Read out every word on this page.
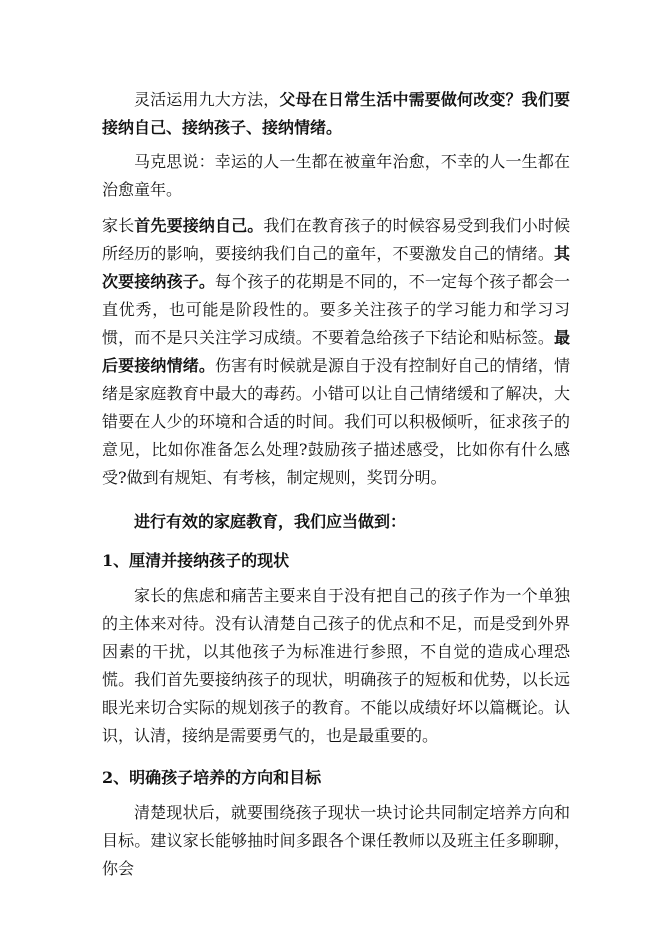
灵活运用九大方法，父母在日常生活中需要做何改变？我们要接纳自己、接纳孩子、接纳情绪。

马克思说：幸运的人一生都在被童年治愈，不幸的人一生都在治愈童年。

家长首先要接纳自己。我们在教育孩子的时候容易受到我们小时候所经历的影响，要接纳我们自己的童年，不要激发自己的情绪。其次要接纳孩子。每个孩子的花期是不同的，不一定每个孩子都会一直优秀，也可能是阶段性的。要多关注孩子的学习能力和学习习惯，而不是只关注学习成绩。不要着急给孩子下结论和贴标签。最后要接纳情绪。伤害有时候就是源自于没有控制好自己的情绪，情绪是家庭教育中最大的毒药。小错可以让自己情绪缓和了解决，大错要在人少的环境和合适的时间。我们可以积极倾听，征求孩子的意见，比如你准备怎么处理?鼓励孩子描述感受，比如你有什么感受?做到有规矩、有考核，制定规则，奖罚分明。

进行有效的家庭教育，我们应当做到：

1、厘清并接纳孩子的现状

家长的焦虑和痛苦主要来自于没有把自己的孩子作为一个单独的主体来对待。没有认清楚自己孩子的优点和不足，而是受到外界因素的干扰，以其他孩子为标准进行参照，不自觉的造成心理恐慌。我们首先要接纳孩子的现状，明确孩子的短板和优势，以长远眼光来切合实际的规划孩子的教育。不能以成绩好坏以篇概论。认识，认清，接纳是需要勇气的，也是最重要的。

2、明确孩子培养的方向和目标

清楚现状后，就要围绕孩子现状一块讨论共同制定培养方向和目标。建议家长能够抽时间多跟各个课任教师以及班主任多聊聊，你会
